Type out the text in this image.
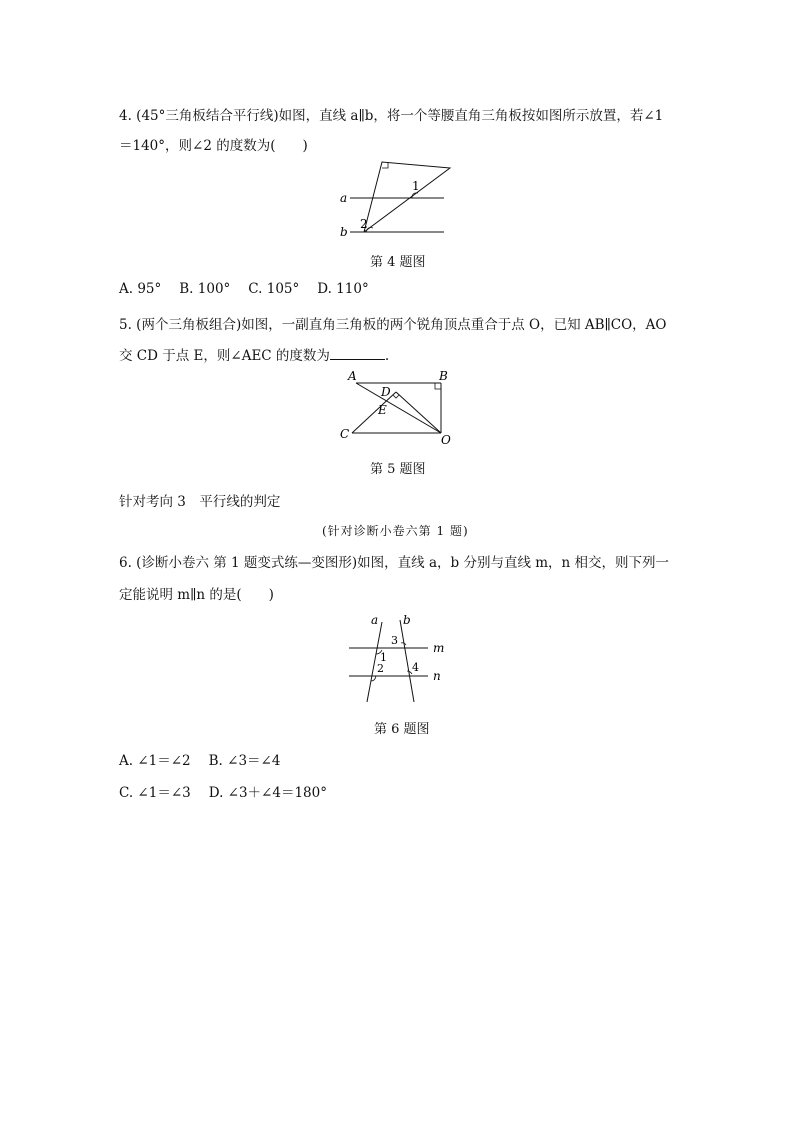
4. (45°三角板结合平行线)如图，直线 a∥b，将一个等腰直角三角板按如图所示放置，若∠1
＝140°，则∠2 的度数为(　　)
a
b
1
2
第 4 题图
A. 95° B. 100° C. 105° D. 110°
5. (两个三角板组合)如图，一副直角三角板的两个锐角顶点重合于点 O，已知 AB∥CO，AO
交 CD 于点 E，则∠AEC 的度数为	.
A	B
C
D
E
O
第 5 题图
针对考向 3　平行线的判定
(针对诊断小卷六第 1 题)
6. (诊断小卷六 第 1 题变式练—变图形)如图，直线 a，b 分别与直线 m，n 相交，则下列一
定能说明 m∥n 的是(　　)
a b
m
n
1
2
3
4
第 6 题图
A. ∠1＝∠2 B. ∠3＝∠4
C. ∠1＝∠3 D. ∠3＋∠4＝180°
